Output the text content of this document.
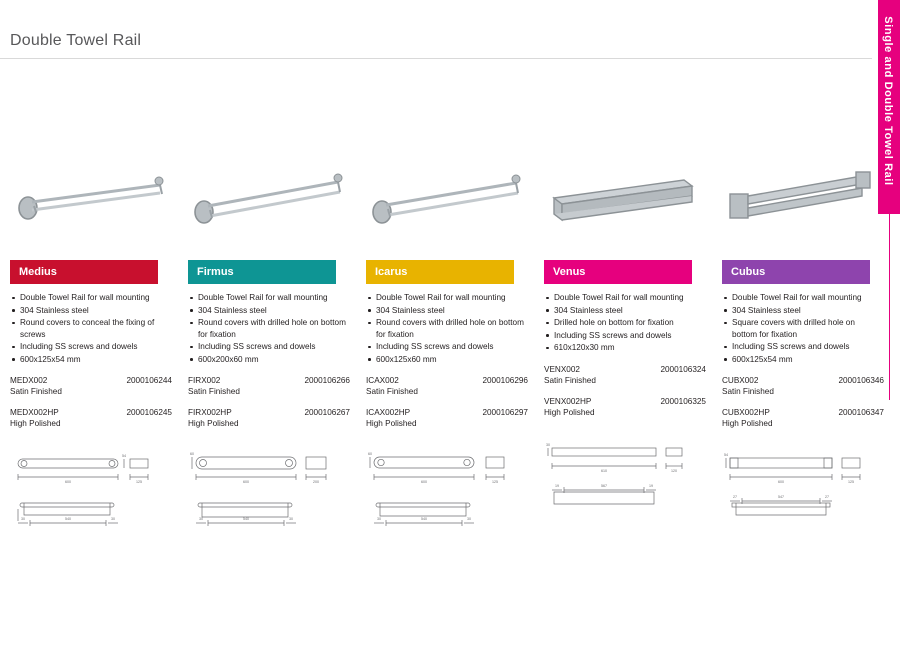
Double Towel Rail	Single and Double Towel Rail
Medius
Double Towel Rail for wall mounting
304 Stainless steel
Round covers to conceal the fixing of screws
Including SS screws and dowels
600x125x54 mm
MEDX002	2000106244
Satin Finished
MEDX002HP	2000106245
High Polished
600	125
54
540
30	30
Firmus
Double Towel Rail for wall mounting
304 Stainless steel
Round covers with drilled hole on bottom for fixation
Including SS screws and dowels
600x200x60 mm
FIRX002	2000106266
Satin Finished
FIRX002HP	2000106267
High Polished
600	200
60
540
30	30
Icarus
Double Towel Rail for wall mounting
304 Stainless steel
Round covers with drilled hole on bottom for fixation
Including SS screws and dowels
600x125x60 mm
ICAX002	2000106296
Satin Finished
ICAX002HP	2000106297
High Polished
600	125
60
540
30	30
Venus
Double Towel Rail for wall mounting
304 Stainless steel
Drilled hole on bottom for fixation
Including SS screws and dowels
610x120x30 mm
VENX002	2000106324
Satin Finished
VENX002HP	2000106325
High Polished
610	120
30
567
19	19
Cubus
Double Towel Rail for wall mounting
304 Stainless steel
Square covers with drilled hole on bottom for fixation
Including SS screws and dowels
600x125x54 mm
CUBX002	2000106346
Satin Finished
CUBX002HP	2000106347
High Polished
600	125
54
547
27	27
